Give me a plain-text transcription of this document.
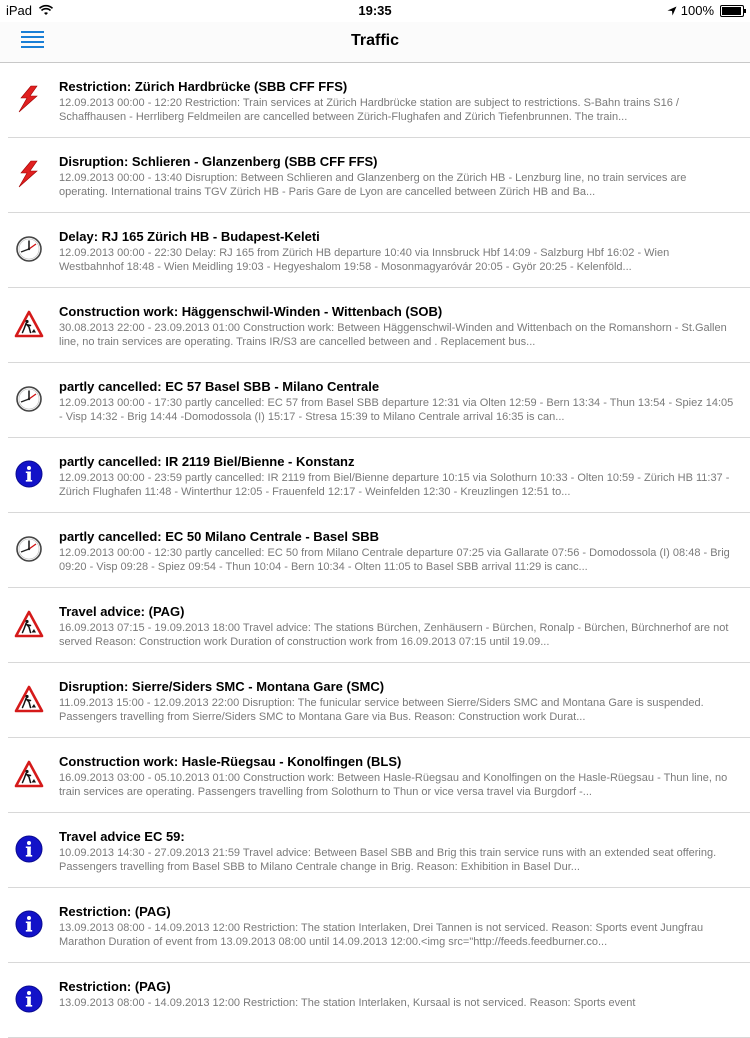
iPad	19:35	100%
Traffic
Restriction: Zürich Hardbrücke (SBB CFF FFS)
12.09.2013 00:00 - 12:20 Restriction: Train services at Zürich Hardbrücke station are subject to restrictions. S-Bahn trains S16 / Schaffhausen - Herrliberg Feldmeilen are cancelled between Zürich-Flughafen and Zürich Tiefenbrunnen. The train...
Disruption: Schlieren - Glanzenberg (SBB CFF FFS)
12.09.2013 00:00 - 13:40 Disruption: Between Schlieren and Glanzenberg on the Zürich HB - Lenzburg line, no train services are operating. International trains TGV Zürich HB - Paris Gare de Lyon are cancelled between Zürich HB and Ba...
Delay: RJ 165 Zürich HB - Budapest-Keleti
12.09.2013 00:00 - 22:30 Delay: RJ 165 from Zürich HB departure 10:40 via Innsbruck Hbf 14:09 - Salzburg Hbf 16:02 - Wien Westbahnhof 18:48 - Wien Meidling 19:03 - Hegyeshalom 19:58 - Mosonmagyaróvár 20:05 - Györ 20:25 - Kelenföld...
Construction work: Häggenschwil-Winden - Wittenbach (SOB)
30.08.2013 22:00 - 23.09.2013 01:00 Construction work: Between Häggenschwil-Winden and Wittenbach on the Romanshorn - St.Gallen line, no train services are operating. Trains IR/S3 are cancelled between and . Replacement bus...
partly cancelled: EC 57 Basel SBB - Milano Centrale
12.09.2013 00:00 - 17:30 partly cancelled: EC 57 from Basel SBB departure 12:31 via Olten 12:59 - Bern 13:34 - Thun 13:54 - Spiez 14:05 - Visp 14:32 - Brig 14:44 -Domodossola (I) 15:17 - Stresa 15:39 to Milano Centrale arrival 16:35 is can...
partly cancelled: IR 2119 Biel/Bienne - Konstanz
12.09.2013 00:00 - 23:59 partly cancelled: IR 2119 from Biel/Bienne departure 10:15 via Solothurn 10:33 - Olten 10:59 - Zürich HB 11:37 - Zürich Flughafen 11:48 - Winterthur 12:05 - Frauenfeld 12:17 - Weinfelden 12:30 - Kreuzlingen 12:51 to...
partly cancelled: EC 50 Milano Centrale - Basel SBB
12.09.2013 00:00 - 12:30 partly cancelled: EC 50 from Milano Centrale departure 07:25 via Gallarate 07:56 - Domodossola (I) 08:48 - Brig 09:20 - Visp 09:28 - Spiez 09:54 - Thun 10:04 - Bern 10:34 - Olten 11:05 to Basel SBB arrival 11:29 is canc...
Travel advice: (PAG)
16.09.2013 07:15 - 19.09.2013 18:00 Travel advice: The stations Bürchen, Zenhäusern - Bürchen, Ronalp - Bürchen, Bürchnerhof are not served Reason: Construction work Duration of construction work from 16.09.2013 07:15 until 19.09...
Disruption: Sierre/Siders SMC - Montana Gare (SMC)
11.09.2013 15:00 - 12.09.2013 22:00 Disruption: The funicular service between Sierre/Siders SMC and Montana Gare is suspended. Passengers travelling from Sierre/Siders SMC to Montana Gare via Bus. Reason: Construction work Durat...
Construction work: Hasle-Rüegsau - Konolfingen (BLS)
16.09.2013 03:00 - 05.10.2013 01:00 Construction work: Between Hasle-Rüegsau and Konolfingen on the Hasle-Rüegsau - Thun line, no train services are operating. Passengers travelling from Solothurn to Thun or vice versa travel via Burgdorf -...
Travel advice EC 59:
10.09.2013 14:30 - 27.09.2013 21:59 Travel advice: Between Basel SBB and Brig this train service runs with an extended seat offering. Passengers travelling from Basel SBB to Milano Centrale change in Brig. Reason: Exhibition in Basel Dur...
Restriction: (PAG)
13.09.2013 08:00 - 14.09.2013 12:00 Restriction: The station Interlaken, Drei Tannen is not serviced. Reason: Sports event Jungfrau Marathon Duration of event from 13.09.2013 08:00 until 14.09.2013 12:00.<img src="http://feeds.feedburner.co...
Restriction: (PAG)
13.09.2013 08:00 - 14.09.2013 12:00 Restriction: The station Interlaken, Kursaal is not serviced. Reason: Sports event
